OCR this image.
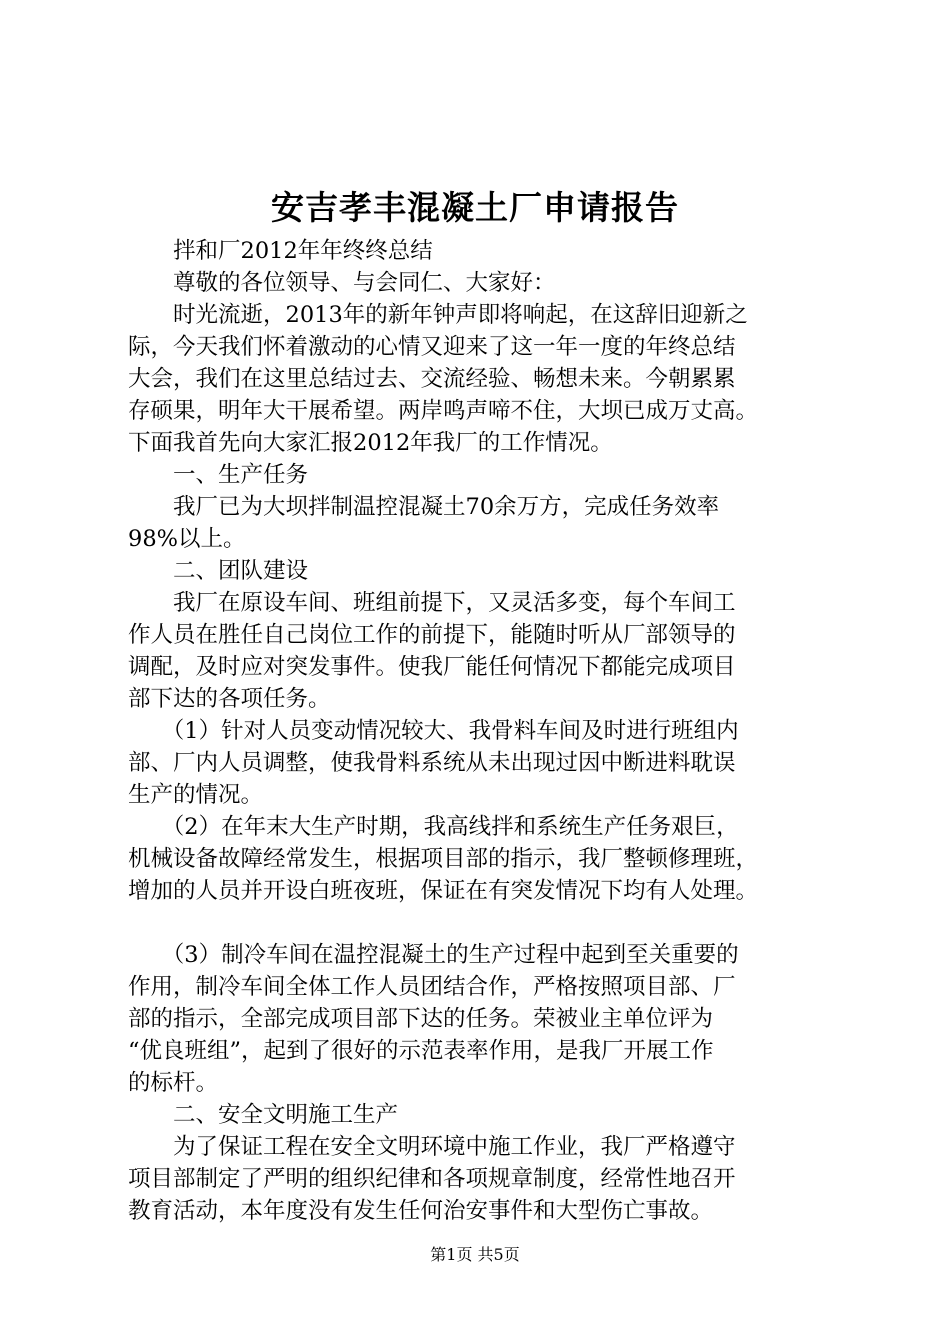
安吉孝丰混凝土厂申请报告
　　拌和厂2012年年终终总结
　　尊敬的各位领导、与会同仁、大家好：
　　时光流逝，2013年的新年钟声即将响起，在这辞旧迎新之
际，今天我们怀着激动的心情又迎来了这一年一度的年终总结
大会，我们在这里总结过去、交流经验、畅想未来。今朝累累
存硕果，明年大干展希望。两岸鸣声啼不住，大坝已成万丈高。
下面我首先向大家汇报2012年我厂的工作情况。
　　一、生产任务
　　我厂已为大坝拌制温控混凝土70余万方，完成任务效率
98%以上。
　　二、团队建设
　　我厂在原设车间、班组前提下，又灵活多变，每个车间工
作人员在胜任自己岗位工作的前提下，能随时听从厂部领导的
调配，及时应对突发事件。使我厂能任何情况下都能完成项目
部下达的各项任务。
　　（1）针对人员变动情况较大、我骨料车间及时进行班组内
部、厂内人员调整，使我骨料系统从未出现过因中断进料耽误
生产的情况。
　　（2）在年末大生产时期，我高线拌和系统生产任务艰巨，
机械设备故障经常发生，根据项目部的指示，我厂整顿修理班，
增加的人员并开设白班夜班，保证在有突发情况下均有人处理。
　　（3）制冷车间在温控混凝土的生产过程中起到至关重要的
作用，制冷车间全体工作人员团结合作，严格按照项目部、厂
部的指示，全部完成项目部下达的任务。荣被业主单位评为
“优良班组”，起到了很好的示范表率作用，是我厂开展工作
的标杆。
　　二、安全文明施工生产
　　为了保证工程在安全文明环境中施工作业，我厂严格遵守
项目部制定了严明的组织纪律和各项规章制度，经常性地召开
教育活动，本年度没有发生任何治安事件和大型伤亡事故。
第1页 共5页
